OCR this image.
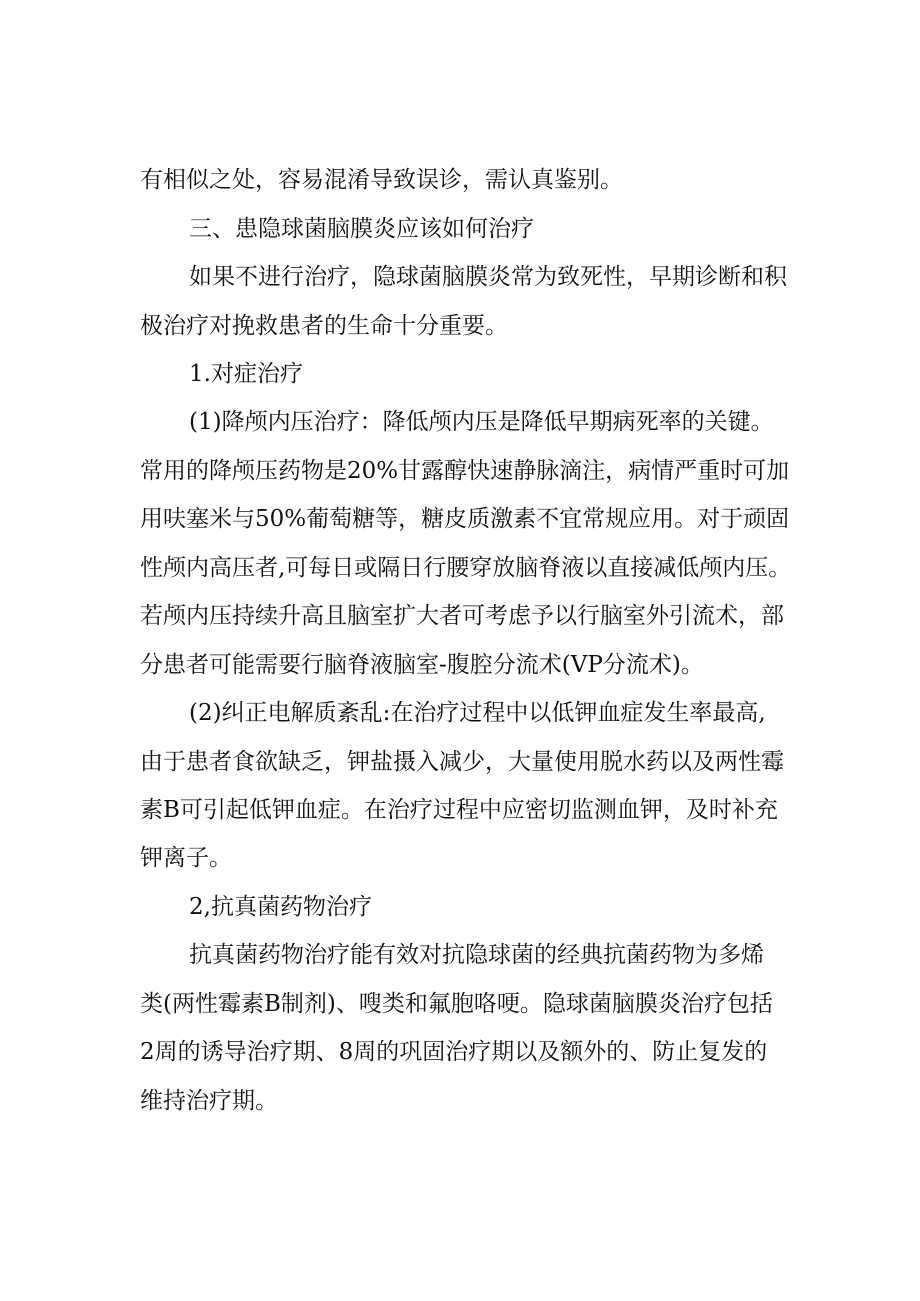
有相似之处，容易混淆导致误诊，需认真鉴别。
三、患隐球菌脑膜炎应该如何治疗
如果不进行治疗，隐球菌脑膜炎常为致死性，早期诊断和积
极治疗对挽救患者的生命十分重要。
1.对症治疗
(1)降颅内压治疗：降低颅内压是降低早期病死率的关键。
常用的降颅压药物是20%甘露醇快速静脉滴注，病情严重时可加
用呋塞米与50%葡萄糖等，糖皮质激素不宜常规应用。对于顽固
性颅内高压者,可每日或隔日行腰穿放脑脊液以直接减低颅内压。
若颅内压持续升高且脑室扩大者可考虑予以行脑室外引流术，部
分患者可能需要行脑脊液脑室-腹腔分流术(VP分流术)。
(2)纠正电解质紊乱:在治疗过程中以低钾血症发生率最高,
由于患者食欲缺乏，钾盐摄入减少，大量使用脱水药以及两性霉
素B可引起低钾血症。在治疗过程中应密切监测血钾，及时补充
钾离子。
2,抗真菌药物治疗
抗真菌药物治疗能有效对抗隐球菌的经典抗菌药物为多烯
类(两性霉素B制剂)、嗖类和氟胞咯哽。隐球菌脑膜炎治疗包括
2周的诱导治疗期、8周的巩固治疗期以及额外的、防止复发的
维持治疗期。
